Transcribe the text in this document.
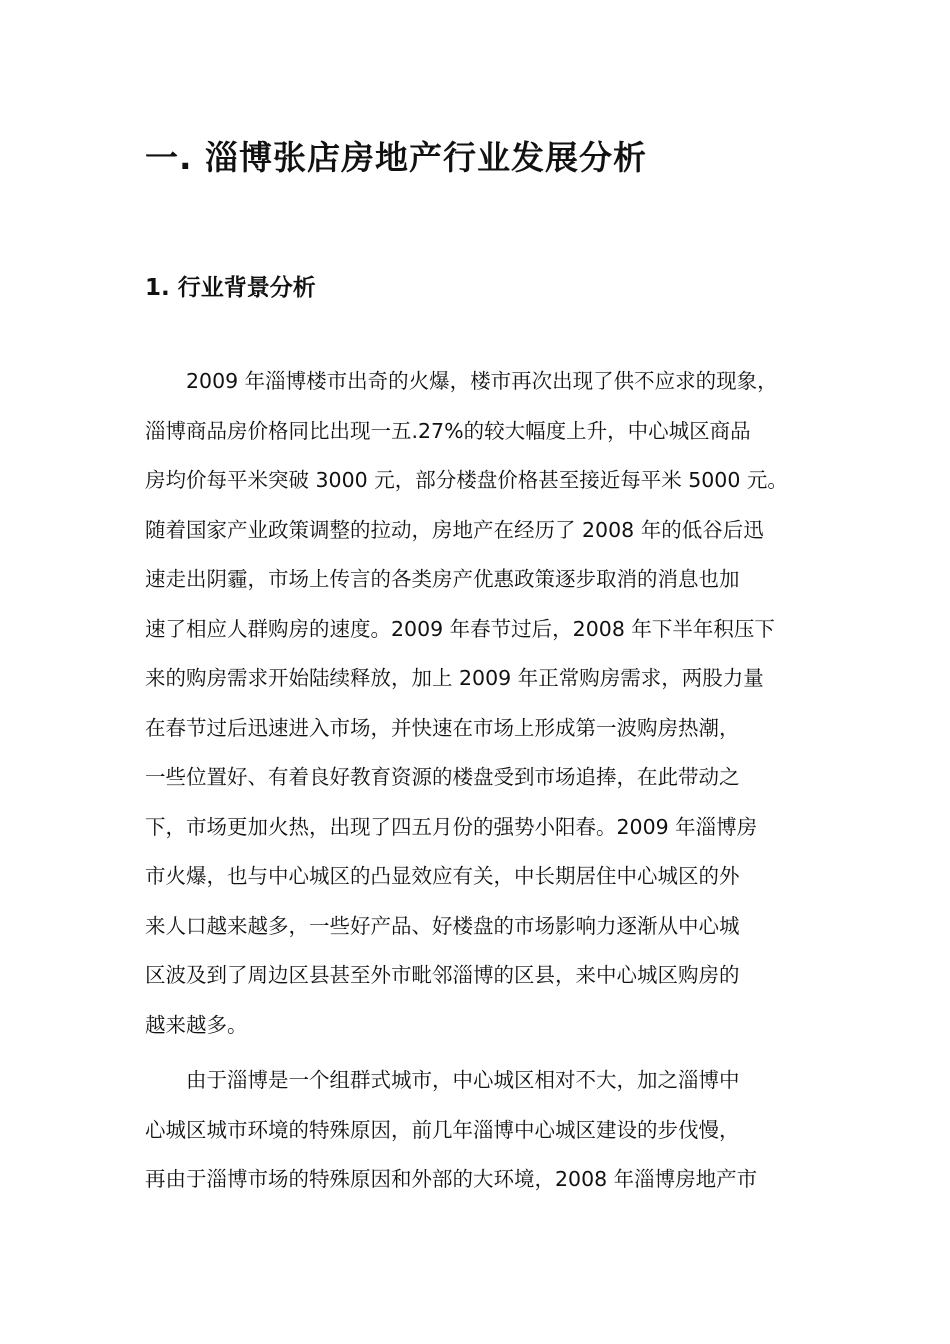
一. 淄博张店房地产行业发展分析
1. 行业背景分析
　　2009 年淄博楼市出奇的火爆，楼市再次出现了供不应求的现象，
淄博商品房价格同比出现一五.27%的较大幅度上升，中心城区商品
房均价每平米突破 3000 元，部分楼盘价格甚至接近每平米 5000 元。
随着国家产业政策调整的拉动，房地产在经历了 2008 年的低谷后迅
速走出阴霾，市场上传言的各类房产优惠政策逐步取消的消息也加
速了相应人群购房的速度。2009 年春节过后，2008 年下半年积压下
来的购房需求开始陆续释放，加上 2009 年正常购房需求，两股力量
在春节过后迅速进入市场，并快速在市场上形成第一波购房热潮，
一些位置好、有着良好教育资源的楼盘受到市场追捧，在此带动之
下，市场更加火热，出现了四五月份的强势小阳春。2009 年淄博房
市火爆，也与中心城区的凸显效应有关，中长期居住中心城区的外
来人口越来越多，一些好产品、好楼盘的市场影响力逐渐从中心城
区波及到了周边区县甚至外市毗邻淄博的区县，来中心城区购房的
越来越多。
　　由于淄博是一个组群式城市，中心城区相对不大，加之淄博中
心城区城市环境的特殊原因，前几年淄博中心城区建设的步伐慢，
再由于淄博市场的特殊原因和外部的大环境，2008 年淄博房地产市
